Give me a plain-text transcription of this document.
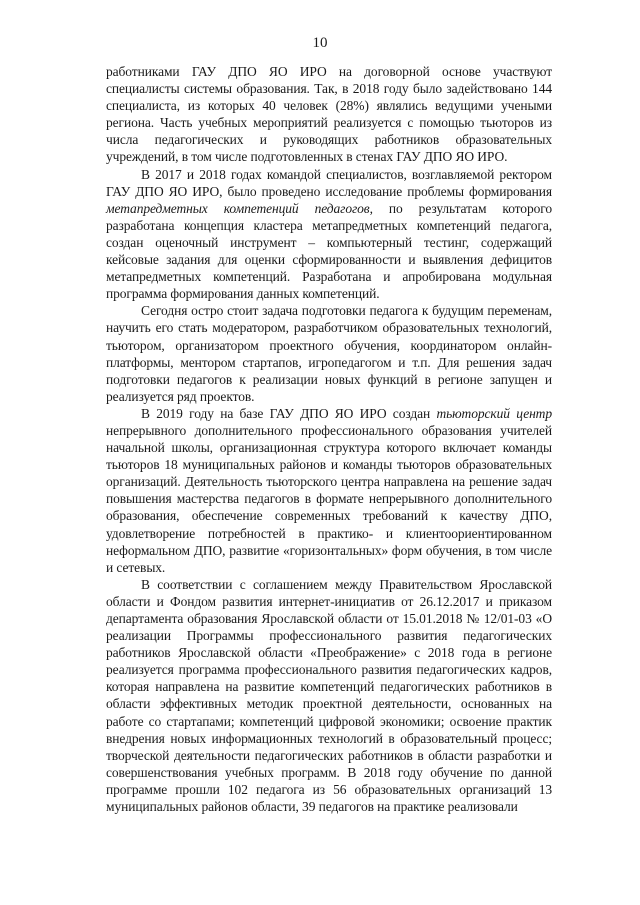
10

работниками ГАУ ДПО ЯО ИРО на договорной основе участвуют специалисты системы образования. Так, в 2018 году было задействовано 144 специалиста, из которых 40 человек (28%) являлись ведущими учеными региона. Часть учебных мероприятий реализуется с помощью тьюторов из числа педагогических и руководящих работников образовательных учреждений, в том числе подготовленных в стенах ГАУ ДПО ЯО ИРО.

В 2017 и 2018 годах командой специалистов, возглавляемой ректором ГАУ ДПО ЯО ИРО, было проведено исследование проблемы формирования метапредметных компетенций педагогов, по результатам которого разработана концепция кластера метапредметных компетенций педагога, создан оценочный инструмент – компьютерный тестинг, содержащий кейсовые задания для оценки сформированности и выявления дефицитов метапредметных компетенций. Разработана и апробирована модульная программа формирования данных компетенций.

Сегодня остро стоит задача подготовки педагога к будущим переменам, научить его стать модератором, разработчиком образовательных технологий, тьютором, организатором проектного обучения, координатором онлайн-платформы, ментором стартапов, игропедагогом и т.п. Для решения задач подготовки педагогов к реализации новых функций в регионе запущен и реализуется ряд проектов.

В 2019 году на базе ГАУ ДПО ЯО ИРО создан тьюторский центр непрерывного дополнительного профессионального образования учителей начальной школы, организационная структура которого включает команды тьюторов 18 муниципальных районов и команды тьюторов образовательных организаций. Деятельность тьюторского центра направлена на решение задач повышения мастерства педагогов в формате непрерывного дополнительного образования, обеспечение современных требований к качеству ДПО, удовлетворение потребностей в практико- и клиентоориентированном неформальном ДПО, развитие «горизонтальных» форм обучения, в том числе и сетевых.

В соответствии с соглашением между Правительством Ярославской области и Фондом развития интернет-инициатив от 26.12.2017 и приказом департамента образования Ярославской области от 15.01.2018 № 12/01-03 «О реализации Программы профессионального развития педагогических работников Ярославской области «Преображение» с 2018 года в регионе реализуется программа профессионального развития педагогических кадров, которая направлена на развитие компетенций педагогических работников в области эффективных методик проектной деятельности, основанных на работе со стартапами; компетенций цифровой экономики; освоение практик внедрения новых информационных технологий в образовательный процесс; творческой деятельности педагогических работников в области разработки и совершенствования учебных программ. В 2018 году обучение по данной программе прошли 102 педагога из 56 образовательных организаций 13 муниципальных районов области, 39 педагогов на практике реализовали
